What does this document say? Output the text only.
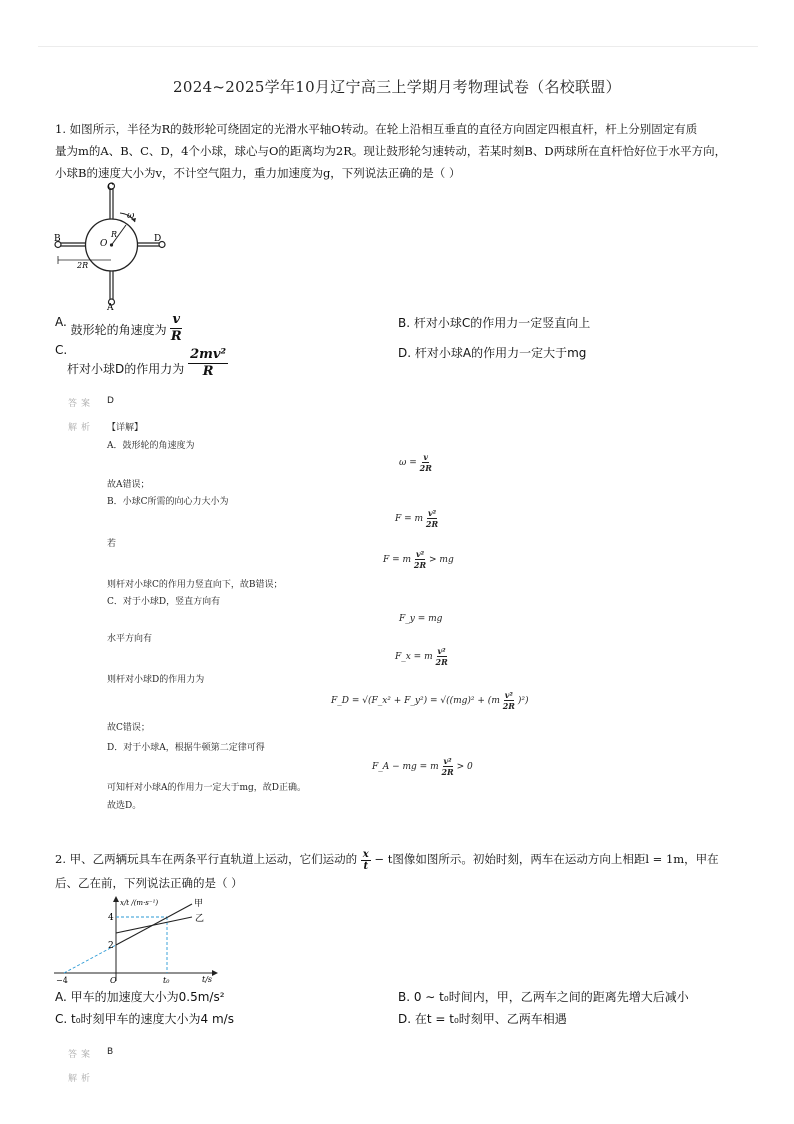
2024~2025学年10月辽宁高三上学期月考物理试卷（名校联盟）
1. 如图所示，半径为R的鼓形轮可绕固定的光滑水平轴O转动。在轮上沿相互垂直的直径方向固定四根直杆，杆上分别固定有质
量为m的A、B、C、D，4个小球，球心与O的距离均为2R。现让鼓形轮匀速转动，若某时刻B、D两球所在直杆恰好位于水平方向，
小球B的速度大小为v，不计空气阻力，重力加速度为g，下列说法正确的是（ ）
C
B	D
A
O
R
ω
2R
A. 鼓形轮的角速度为 $\frac{v}{R}$	B. 杆对小球C的作用力一定竖直向上
C.
杆对小球D的作用力为 $\frac{\text{2mv²}}{R}$	D. 杆对小球A的作用力一定大于mg
答案 D
解析 【详解】
A．鼓形轮的角速度为
$\omega = \frac{v}{2R}$
故A错误；
B．小球C所需的向心力大小为
F = m $\frac{\text{v²}}{2R}$
若
F = m $\frac{\text{v²}}{2R}$ > mg
则杆对小球C的作用力竖直向下，故B错误；
C．对于小球D，竖直方向有
F_y = mg
水平方向有
F_x = m $\frac{\text{v²}}{2R}$
则杆对小球D的作用力为
F_D = √(F_x² + F_y²) = $√((mg)^2 + (m \frac{\text{v²}}{2R} )^2)$
故C错误；
D．对于小球A，根据牛顿第二定律可得
F_A − mg = m $\frac{\text{v²}}{2R} > 0$
可知杆对小球A的作用力一定大于mg，故D正确。
故选D。
2. 甲、乙两辆玩具车在两条平行直轨道上运动，它们运动的 $\frac{x}{t} - t$图像如图所示。初始时刻，两车在运动方向上相距l = 1m，甲在
后、乙在前，下列说法正确的是（ ）
x/t /(m·s⁻¹)
t/s
4
2
−4	O	t₀
甲
乙
A. 甲车的加速度大小为0.5m/s²	B. 0 ∼ t₀时间内，甲，乙两车之间的距离先增大后减小
C. t₀时刻甲车的速度大小为4 m/s	D. 在t = t₀时刻甲、乙两车相遇
答案 B
解析
